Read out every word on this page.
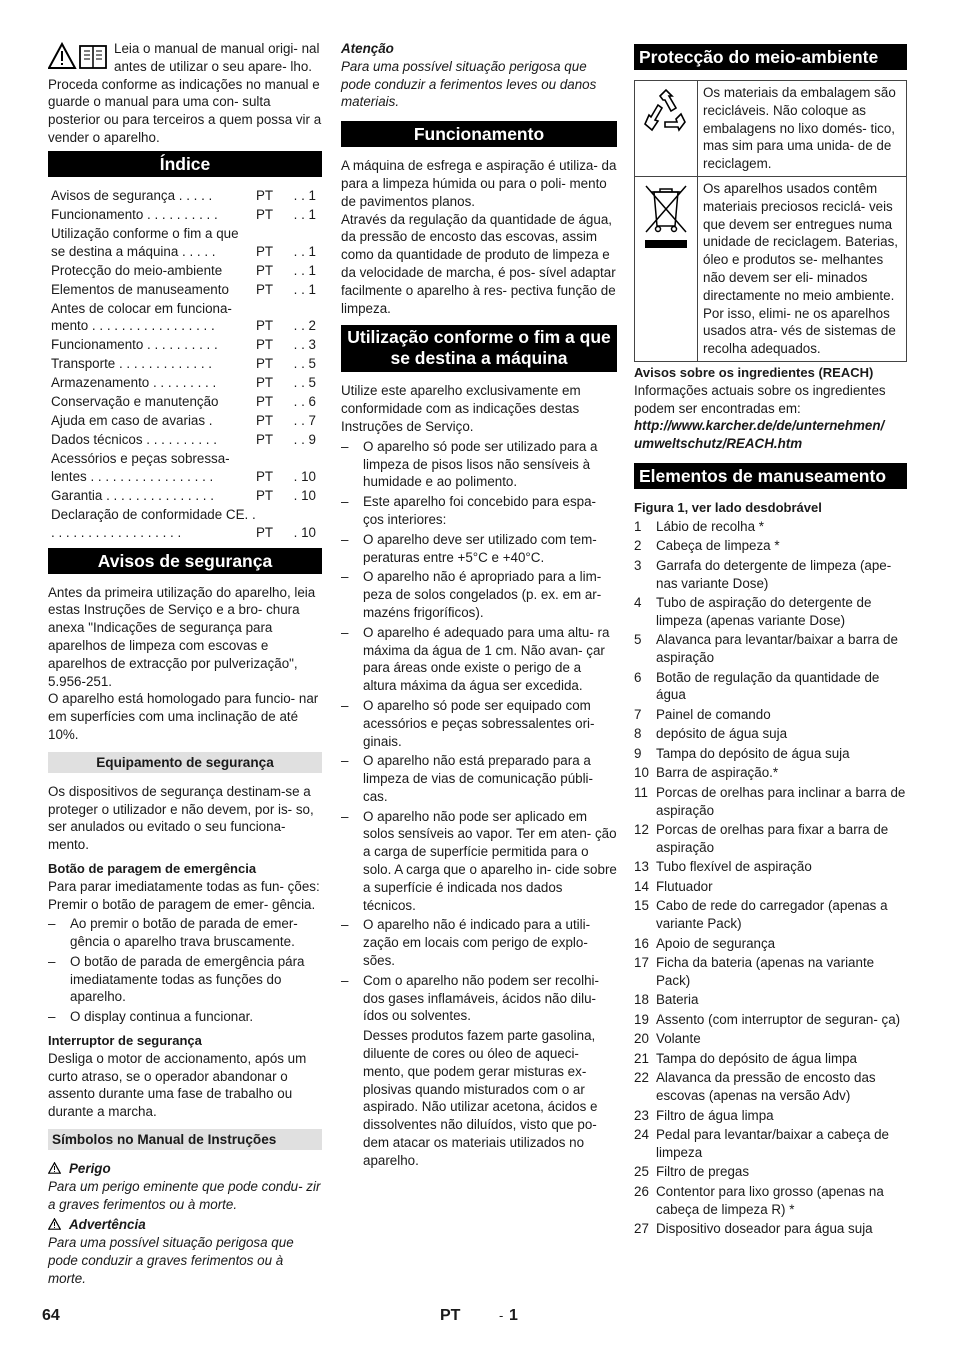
Leia o manual de manual origi- nal antes de utilizar o seu apare- lho. Proceda conforme as indicações no manual e guarde o manual para uma con- sulta posterior ou para terceiros a quem possa vir a vender o aparelho.

Índice
Avisos de segurança . . . . .	PT	. . 1
Funcionamento . . . . . . . . . .	PT	. . 1
Utilização conforme o fim a que se destina a máquina . . . . .	PT	. . 1
Protecção do meio-ambiente	PT	. . 1
Elementos de manuseamento	PT	. . 1
Antes de colocar em funciona- mento . . . . . . . . . . . . . . . . .	PT	. . 2
Funcionamento . . . . . . . . . .	PT	. . 3
Transporte . . . . . . . . . . . . .	PT	. . 5
Armazenamento . . . . . . . . .	PT	. . 5
Conservação e manutenção	PT	. . 6
Ajuda em caso de avarias .	PT	. . 7
Dados técnicos . . . . . . . . . .	PT	. . 9
Acessórios e peças sobressa- lentes . . . . . . . . . . . . . . . . .	PT	. 10
Garantia . . . . . . . . . . . . . . .	PT	. 10
Declaração de conformidade CE. . . . . . . . . . . . . . . . . . . .	PT	. 10
Avisos de segurança

Antes da primeira utilização do aparelho, leia estas Instruções de Serviço e a bro- chura anexa "Indicações de segurança para aparelhos de limpeza com escovas e aparelhos de extracção por pulverização", 5.956-251.

O aparelho está homologado para funcio- nar em superfícies com uma inclinação de até 10%.

Equipamento de segurança

Os dispositivos de segurança destinam-se a proteger o utilizador e não devem, por is- so, ser anulados ou evitado o seu funciona- mento.

Botão de paragem de emergência

Para parar imediatamente todas as fun- ções: Premir o botão de paragem de emer- gência.

–	Ao premir o botão de parada de emer- gência o aparelho trava bruscamente.
–	O botão de parada de emergência pára imediatamente todas as funções do aparelho.
–	O display continua a funcionar.
Interruptor de segurança

Desliga o motor de accionamento, após um curto atraso, se o operador abandonar o assento durante uma fase de trabalho ou durante a marcha.

Símbolos no Manual de Instruções
Perigo

Para um perigo eminente que pode condu- zir a graves ferimentos ou à morte.

Advertência

Para uma possível situação perigosa que pode conduzir a graves ferimentos ou à morte.

Atenção

Para uma possível situação perigosa que pode conduzir a ferimentos leves ou danos materiais.

Funcionamento

A máquina de esfrega e aspiração é utiliza- da para a limpeza húmida ou para o poli- mento de pavimentos planos.

Através da regulação da quantidade de água, da pressão de encosto das escovas, assim como da quantidade de produto de limpeza e da velocidade de marcha, é pos- sível adaptar facilmente o aparelho à res- pectiva função de limpeza.

Utilização conforme o fim a que se destina a máquina

Utilize este aparelho exclusivamente em conformidade com as indicações destas Instruções de Serviço.

–	O aparelho só pode ser utilizado para a limpeza de pisos lisos não sensíveis à humidade e ao polimento.
–	Este aparelho foi concebido para espa- ços interiores:
–	O aparelho deve ser utilizado com tem- peraturas entre +5°C e +40°C.
–	O aparelho não é apropriado para a lim- peza de solos congelados (p. ex. em ar- mazéns frigoríficos).
–	O aparelho é adequado para uma altu- ra máxima da água de 1 cm. Não avan- çar para áreas onde existe o perigo de a altura máxima da água ser excedida.
–	O aparelho só pode ser equipado com acessórios e peças sobressalentes ori- ginais.
–	O aparelho não está preparado para a limpeza de vias de comunicação públi- cas.
–	O aparelho não pode ser aplicado em solos sensíveis ao vapor. Ter em aten- ção a carga de superfície permitida para o solo. A carga que o aparelho in- cide sobre a superfície é indicada nos dados técnicos.
–	O aparelho não é indicado para a utili- zação em locais com perigo de explo- sões.
–	Com o aparelho não podem ser recolhi- dos gases inflamáveis, ácidos não dilu- ídos ou solventes.

Desses produtos fazem parte gasolina, diluente de cores ou óleo de aqueci- mento, que podem gerar misturas ex- plosivas quando misturados com o ar aspirado. Não utilizar acetona, ácidos e dissolventes não diluídos, visto que po- dem atacar os materiais utilizados no aparelho.

Protecção do meio-ambiente
	Os materiais da embalagem são recicláveis. Não coloque as embalagens no lixo domés- tico, mas sim para uma unida- de de reciclagem.
	Os aparelhos usados contêm materiais preciosos reciclá- veis que devem ser entregues numa unidade de reciclagem. Baterias, óleo e produtos se- melhantes não devem ser eli- minados directamente no meio ambiente. Por isso, elimi- ne os aparelhos usados atra- vés de sistemas de recolha adequados.
Avisos sobre os ingredientes (REACH)

Informações actuais sobre os ingredientes podem ser encontradas em:

http://www.karcher.de/de/unternehmen/ umweltschutz/REACH.htm

Elementos de manuseamento
Figura 1, ver lado desdobrável
1	Lábio de recolha *
2	Cabeça de limpeza *
3	Garrafa do detergente de limpeza (ape- nas variante Dose)
4	Tubo de aspiração do detergente de limpeza (apenas variante Dose)
5	Alavanca para levantar/baixar a barra de aspiração
6	Botão de regulação da quantidade de água
7	Painel de comando
8	depósito de água suja
9	Tampa do depósito de água suja
10 Barra de aspiração.*
11 Porcas de orelhas para inclinar a barra de aspiração
12 Porcas de orelhas para fixar a barra de aspiração
13 Tubo flexível de aspiração
14 Flutuador
15 Cabo de rede do carregador (apenas a variante Pack)
16 Apoio de segurança
17 Ficha da bateria (apenas na variante Pack)
18 Bateria
19 Assento (com interruptor de seguran- ça)
20 Volante
21 Tampa do depósito de água limpa
22 Alavanca da pressão de encosto das escovas (apenas na versão Adv)
23 Filtro de água limpa
24 Pedal para levantar/baixar a cabeça de limpeza
25 Filtro de pregas
26 Contentor para lixo grosso (apenas na cabeça de limpeza R) *
27 Dispositivo doseador para água suja
64	PT	- 1
